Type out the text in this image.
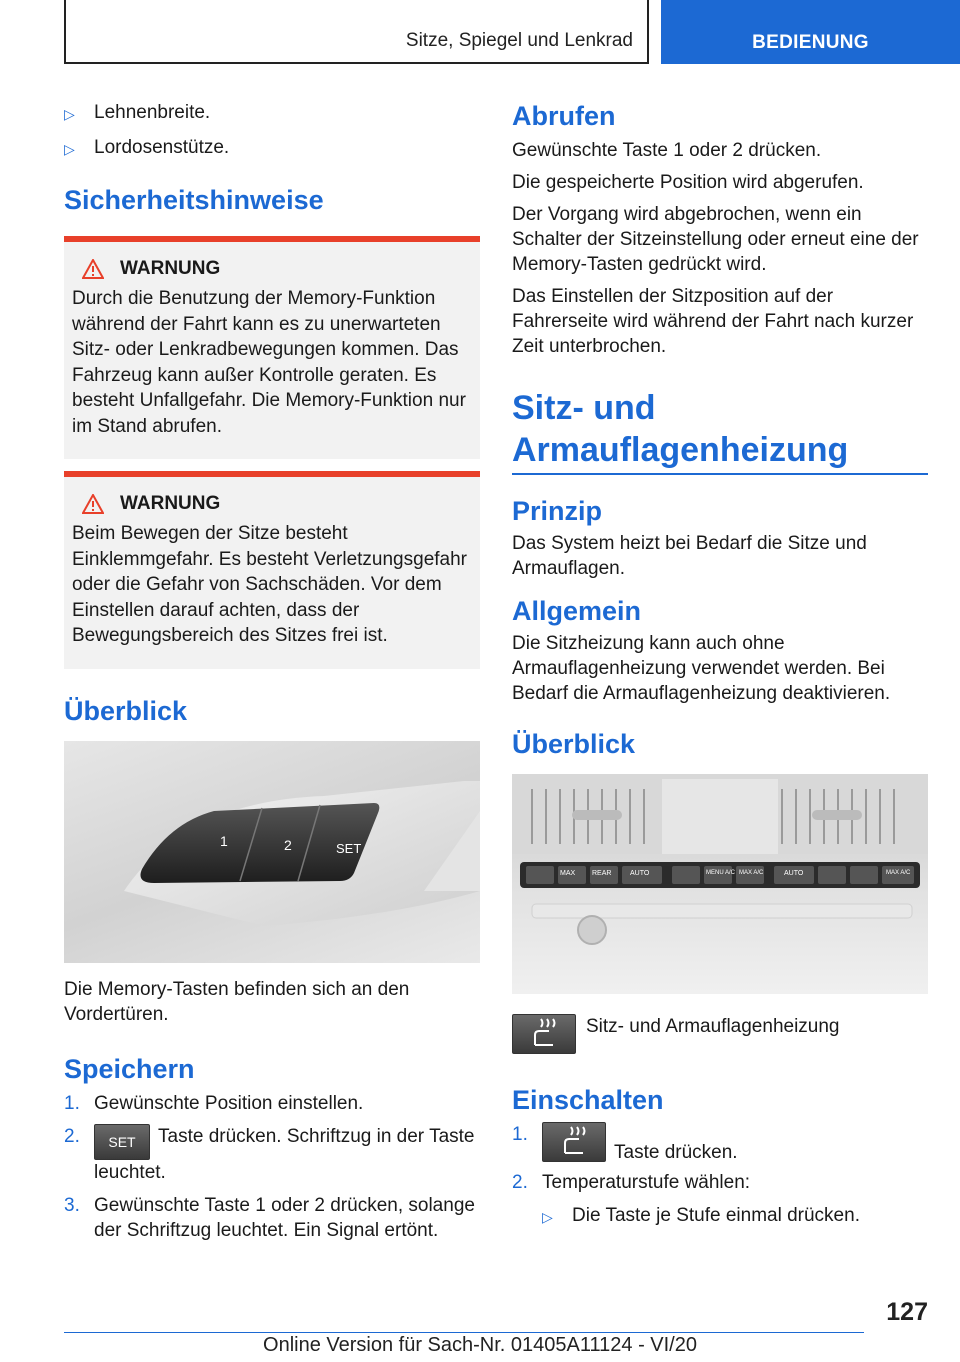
Sitze, Spiegel und Lenkrad	BEDIENUNG
▷	Lehnenbreite.
▷	Lordosenstütze.
Sicherheitshinweise
WARNUNG

Durch die Benutzung der Memory-Funktion während der Fahrt kann es zu unerwarteten Sitz- oder Lenkradbewegungen kommen. Das Fahrzeug kann außer Kontrolle geraten. Es besteht Unfallgefahr. Die Memory-Funktion nur im Stand abrufen.

WARNUNG

Beim Bewegen der Sitze besteht Einklemmgefahr. Es besteht Verletzungsgefahr oder die Gefahr von Sachschäden. Vor dem Einstellen darauf achten, dass der Bewegungsbereich des Sitzes frei ist.

Überblick
1	2	SET

Die Memory-Tasten befinden sich an den Vordertüren.

Speichern
1. Gewünschte Position einstellen.
2.	SET Taste drücken. Schriftzug in der Taste leuchtet.
3. Gewünschte Taste 1 oder 2 drücken, solange der Schriftzug leuchtet. Ein Signal ertönt.
Abrufen

Gewünschte Taste 1 oder 2 drücken.

Die gespeicherte Position wird abgerufen.

Der Vorgang wird abgebrochen, wenn ein Schalter der Sitzeinstellung oder erneut eine der Memory-Tasten gedrückt wird.

Das Einstellen der Sitzposition auf der Fahrerseite wird während der Fahrt nach kurzer Zeit unterbrochen.

Sitz- und
Armauflagenheizung
Prinzip

Das System heizt bei Bedarf die Sitze und Armauflagen.

Allgemein

Die Sitzheizung kann auch ohne Armauflagenheizung verwendet werden. Bei Bedarf die Armauflagenheizung deaktivieren.

Überblick
MAX REAR	AUTO	MENU A/C MAX A/C	AUTO	MAX A/C

Sitz- und Armauflagenheizung

Einschalten
1.
Taste drücken.
2. Temperaturstufe wählen:
▷	Die Taste je Stufe einmal drücken.
127
Online Version für Sach-Nr. 01405A11124 - VI/20
